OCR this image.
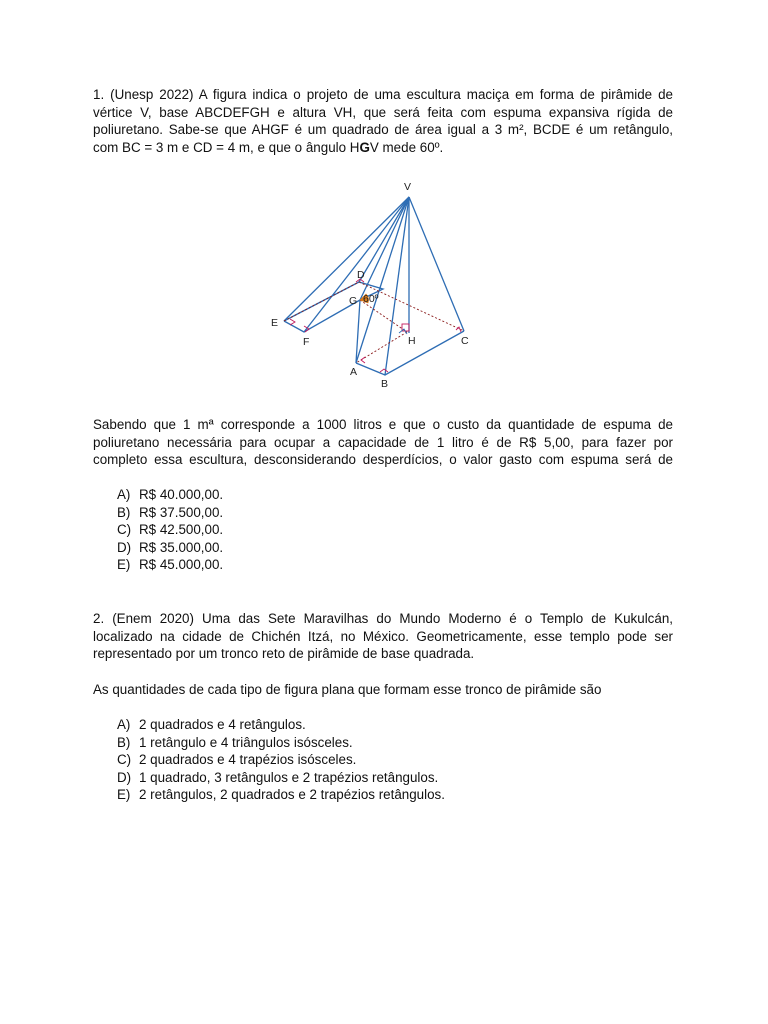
1. (Unesp 2022) A figura indica o projeto de uma escultura maciça em forma de pirâmide de
vértice V, base ABCDEFGH e altura VH, que será feita com espuma expansiva rígida de
poliuretano. Sabe-se que AHGF é um quadrado de área igual a 3 m², BCDE é um retângulo,
com BC = 3 m e CD = 4 m, e que o ângulo HGV mede 60º.
V
D
G 60º
E
F	H	C
A
B
Sabendo que 1 mª corresponde a 1000 litros e que o custo da quantidade de espuma de
poliuretano necessária para ocupar a capacidade de 1 litro é de R$ 5,00, para fazer por
completo essa escultura, desconsiderando desperdícios, o valor gasto com espuma será de
A) R$ 40.000,00.
B) R$ 37.500,00.
C) R$ 42.500,00.
D) R$ 35.000,00.
E) R$ 45.000,00.
2. (Enem 2020) Uma das Sete Maravilhas do Mundo Moderno é o Templo de Kukulcán,
localizado na cidade de Chichén Itzá, no México. Geometricamente, esse templo pode ser
representado por um tronco reto de pirâmide de base quadrada.
As quantidades de cada tipo de figura plana que formam esse tronco de pirâmide são
A) 2 quadrados e 4 retângulos.
B) 1 retângulo e 4 triângulos isósceles.
C) 2 quadrados e 4 trapézios isósceles.
D) 1 quadrado, 3 retângulos e 2 trapézios retângulos.
E) 2 retângulos, 2 quadrados e 2 trapézios retângulos.
